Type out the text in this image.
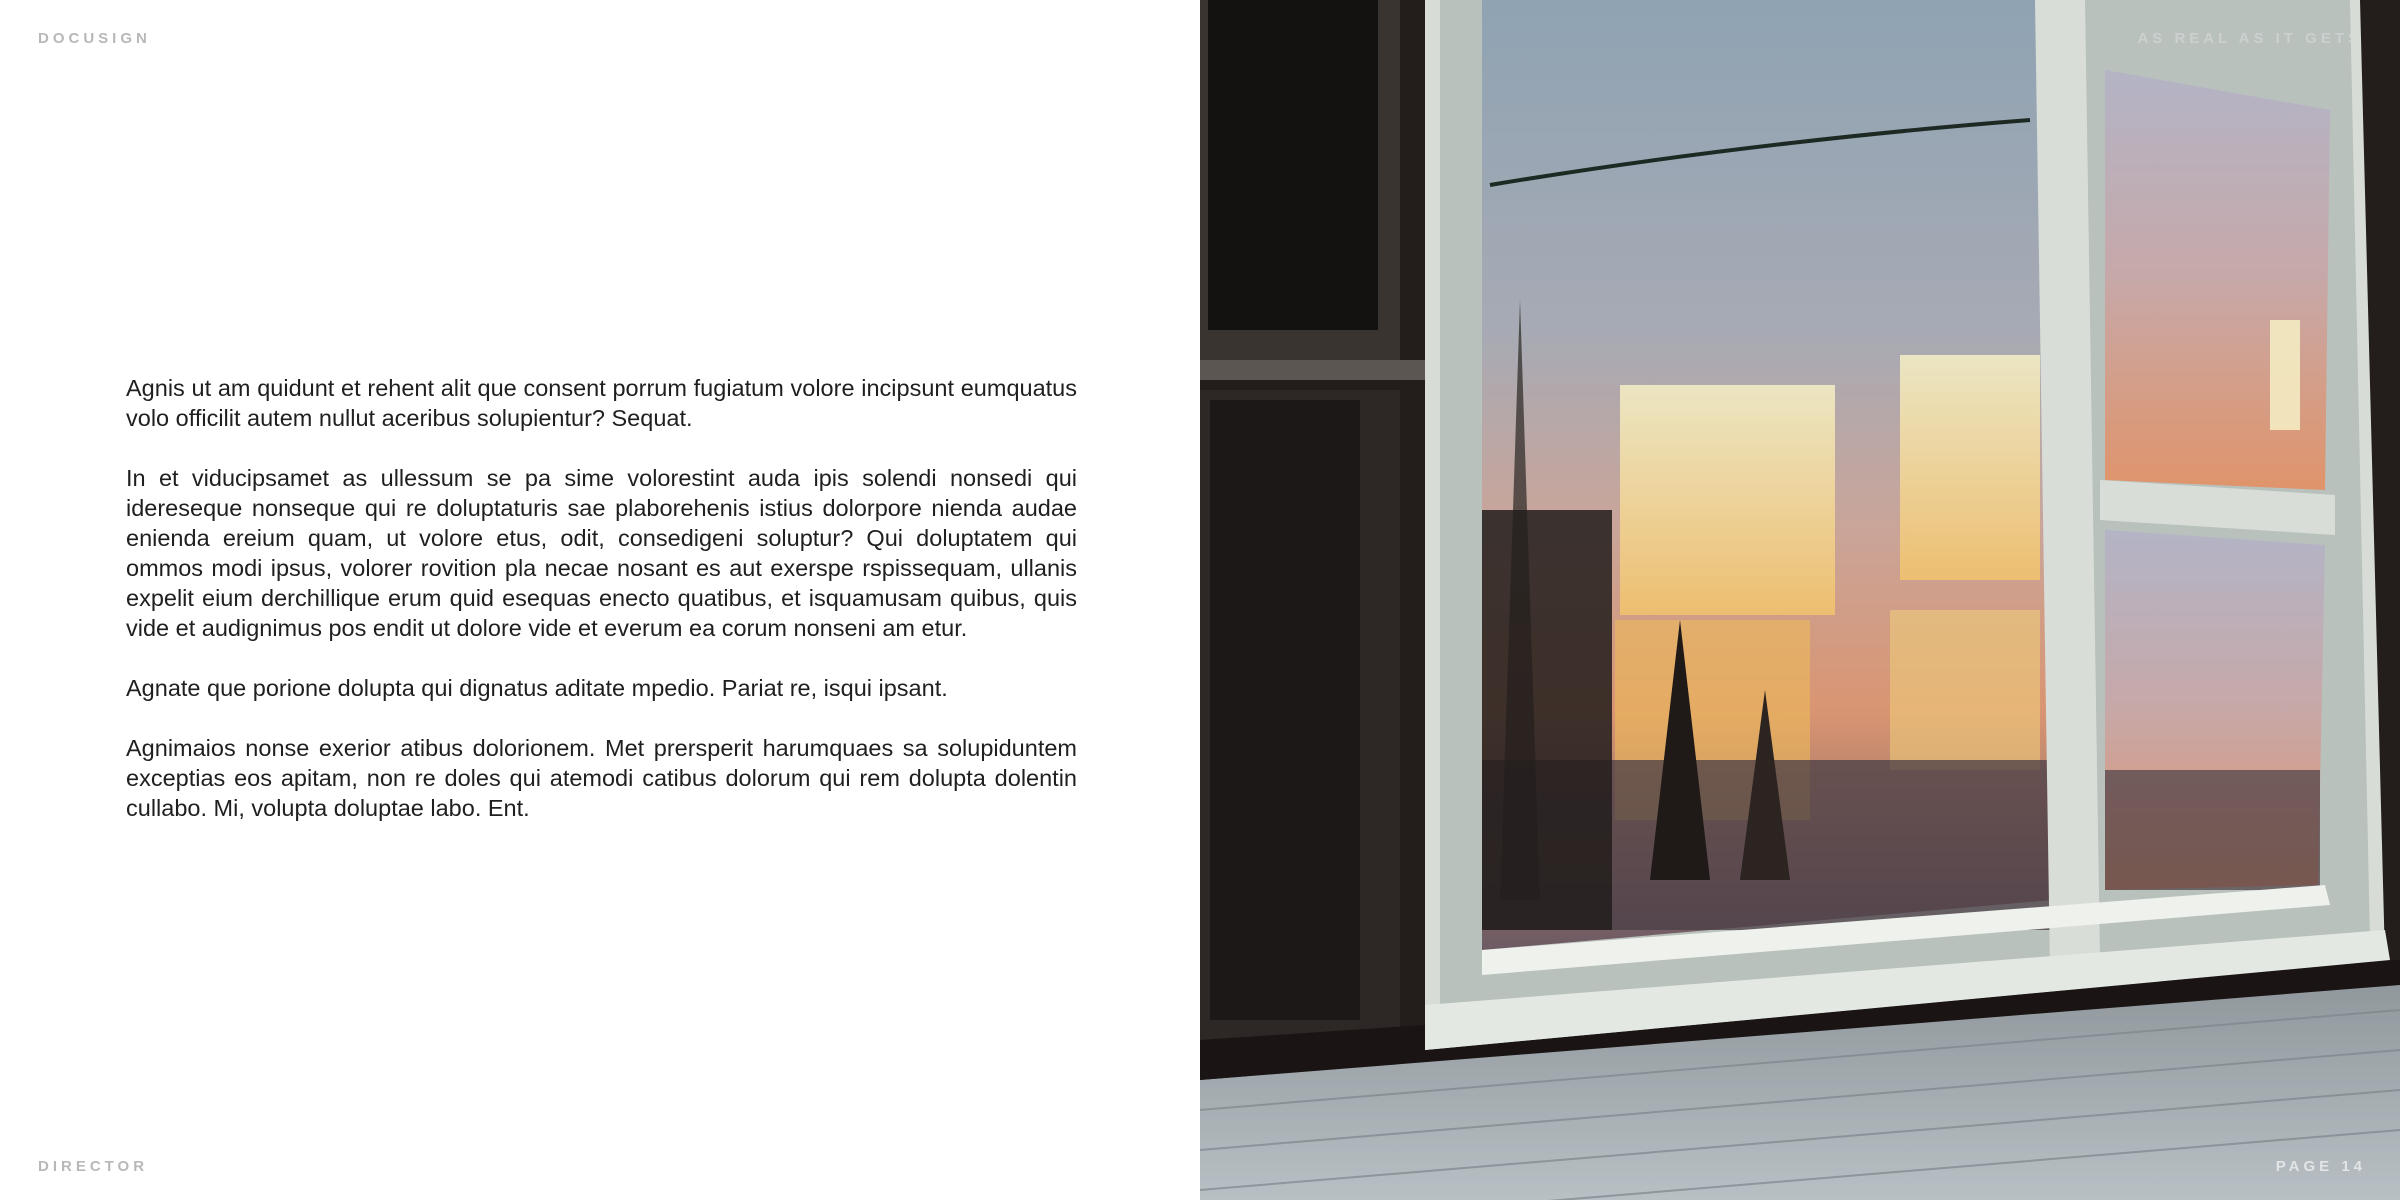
DOCUSIGN

Agnis ut am quidunt et rehent alit que consent porrum fugiatum volore incipsunt eumquatus volo officilit autem nullut aceribus solupientur? Sequat.

In et viducipsamet as ullessum se pa sime volorestint auda ipis solendi nonsedi qui idereseque nonseque qui re doluptaturis sae plaborehenis istius dolorpore nienda audae enienda ereium quam, ut volore etus, odit, consedigeni soluptur? Qui doluptatem qui ommos modi ipsus, volorer rovition pla necae nosant es aut exerspe rspissequam, ullanis expelit eium derchillique erum quid esequas enecto quatibus, et isquamusam quibus, quis vide et audignimus pos endit ut dolore vide et everum ea corum nonseni am etur.

Agnate que porione dolupta qui dignatus aditate mpedio. Pariat re, isqui ipsant.

Agnimaios nonse exerior atibus dolorionem. Met prersperit harumquaes sa solupiduntem exceptias eos apitam, non re doles qui atemodi catibus dolorum qui rem dolupta dolentin cullabo. Mi, volupta doluptae labo. Ent.

DIRECTOR
AS REAL AS IT GETS
PAGE 14
